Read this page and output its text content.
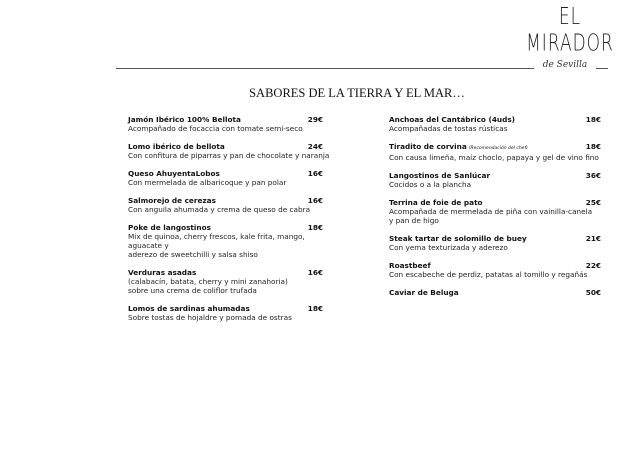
EL
MIRADOR
de Sevilla
SABORES DE LA TIERRA Y EL MAR…
Jamón Ibérico 100% Bellota	29€
Acompañado de focaccia con tomate semi-seco
Lomo ibérico de bellota	24€
Con confitura de piparras y pan de chocolate y naranja
Queso AhuyentaLobos	16€
Con mermelada de albaricoque y pan polar
Salmorejo de cerezas	16€
Con anguila ahumada y crema de queso de cabra
Poke de langostinos	18€
Mix de quinoa, cherry frescos, kale frita, mango, aguacate y
aderezo de sweetchilli y salsa shiso
Verduras asadas	16€
(calabacín, batata, cherry y mini zanahoria)
sobre una crema de coliflor trufada
Lomos de sardinas ahumadas	18€
Sobre tostas de hojaldre y pomada de ostras
Anchoas del Cantábrico (4uds)	18€
Acompañadas de tostas rústicas
Tiradito de corvina (Recomendación del chef)	18€
Con causa limeña, maíz choclo, papaya y gel de vino fino
Langostinos de Sanlúcar	36€
Cocidos o a la plancha
Terrina de foie de pato	25€
Acompañada de mermelada de piña con vainilla-canela
y pan de higo
Steak tartar de solomillo de buey	21€
Con yema texturizada y aderezo
Roastbeef	22€
Con escabeche de perdiz, patatas al tomillo y regañás
Caviar de Beluga	50€
